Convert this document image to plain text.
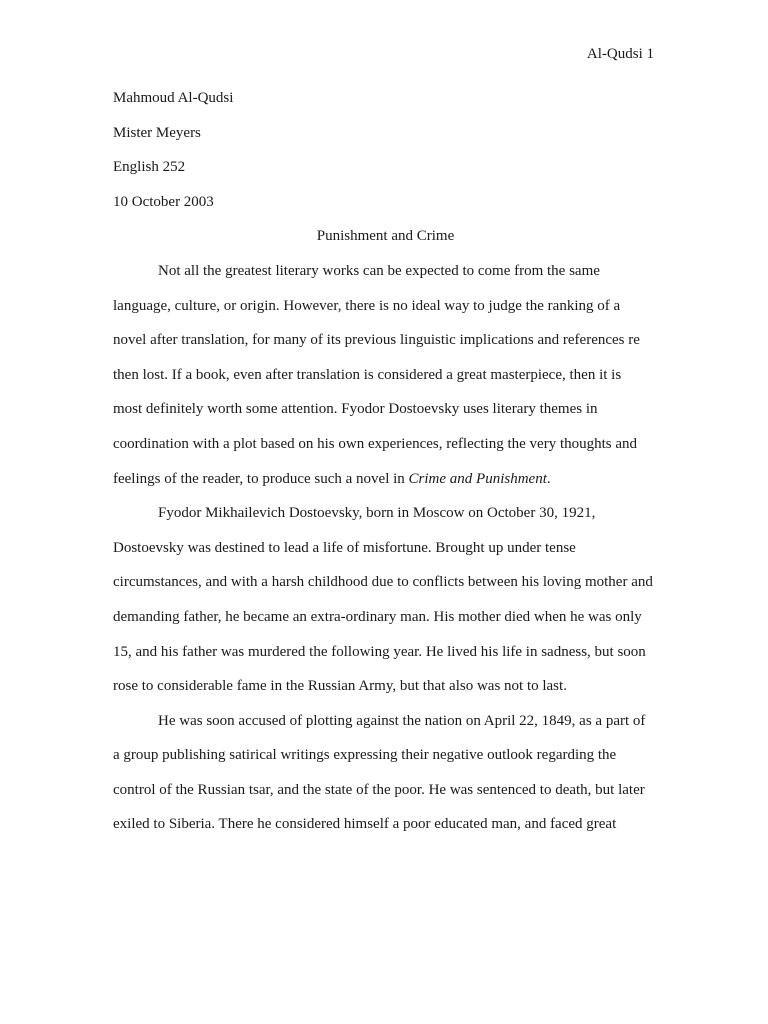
Al-Qudsi 1
Mahmoud Al-Qudsi
Mister Meyers
English 252
10 October 2003
Punishment and Crime
Not all the greatest literary works can be expected to come from the same
language, culture, or origin. However, there is no ideal way to judge the ranking of a
novel after translation, for many of its previous linguistic implications and references re
then lost. If a book, even after translation is considered a great masterpiece, then it is
most definitely worth some attention. Fyodor Dostoevsky uses literary themes in
coordination with a plot based on his own experiences, reflecting the very thoughts and
feelings of the reader, to produce such a novel in Crime and Punishment.
Fyodor Mikhailevich Dostoevsky, born in Moscow on October 30, 1921,
Dostoevsky was destined to lead a life of misfortune. Brought up under tense
circumstances, and with a harsh childhood due to conflicts between his loving mother and
demanding father, he became an extra-ordinary man. His mother died when he was only
15, and his father was murdered the following year. He lived his life in sadness, but soon
rose to considerable fame in the Russian Army, but that also was not to last.
He was soon accused of plotting against the nation on April 22, 1849, as a part of
a group publishing satirical writings expressing their negative outlook regarding the
control of the Russian tsar, and the state of the poor. He was sentenced to death, but later
exiled to Siberia. There he considered himself a poor educated man, and faced great
